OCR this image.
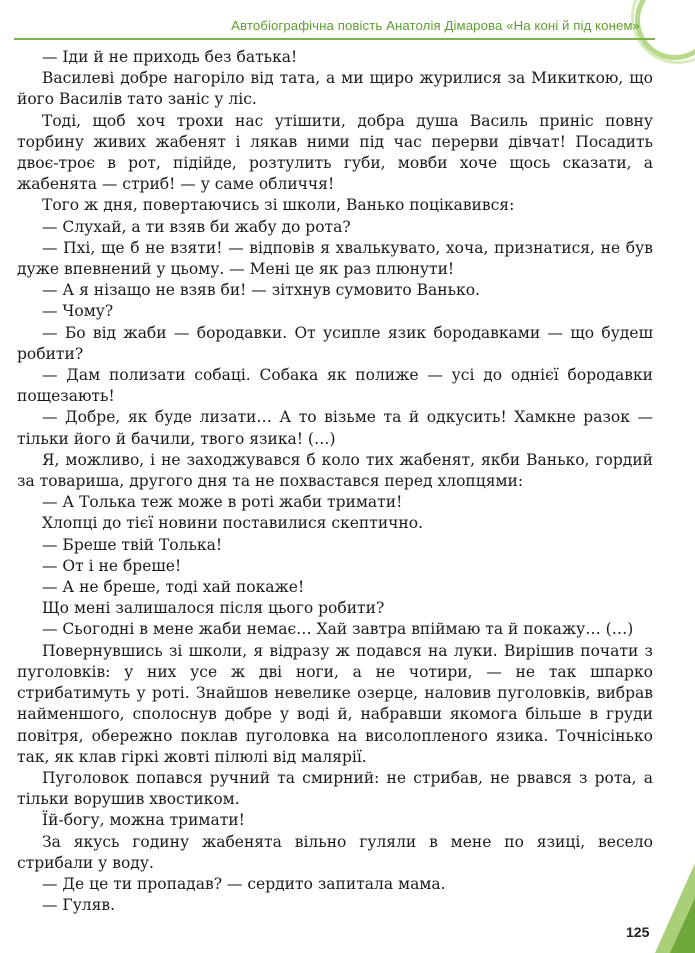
Автобіографічна повість Анатолія Дімарова «На коні й під конем»

— Іди й не приходь без батька!

Василеві добре нагоріло від тата, а ми щиро журилися за Микиткою, що його Василів тато заніс у ліс.

Тоді, щоб хоч трохи нас утішити, добра душа Василь приніс повну торбину живих жабенят і лякав ними під час перерви дівчат! Посадить двоє-троє в рот, підійде, розтулить губи, мовби хоче щось сказати, а жабенята — стриб! — у саме обличчя!

Того ж дня, повертаючись зі школи, Ванько поцікавився:

— Слухай, а ти взяв би жабу до рота?

— Пхі, ще б не взяти! — відповів я хвалькувато, хоча, признатися, не був дуже впевнений у цьому. — Мені це як раз плюнути!

— А я нізащо не взяв би! — зітхнув сумовито Ванько.

— Чому?

— Бо від жаби — бородавки. От усипле язик бородавками — що будеш робити?

— Дам полизати собаці. Собака як полиже — усі до однієї бородавки пощезають!

— Добре, як буде лизати… А то візьме та й одкусить! Хамкне разок — тільки його й бачили, твого язика! (…)

Я, можливо, і не заходжувався б коло тих жабенят, якби Ванько, гордий за товариша, другого дня та не похвастався перед хлопцями:

— А Толька теж може в роті жаби тримати!

Хлопці до тієї новини поставилися скептично.

— Бреше твій Толька!

— От і не бреше!

— А не бреше, тоді хай покаже!

Що мені залишалося після цього робити?

— Сьогодні в мене жаби немає… Хай завтра впіймаю та й покажу… (…)

Повернувшись зі школи, я відразу ж подався на луки. Вирішив почати з пуголовків: у них усе ж дві ноги, а не чотири, — не так шпарко стрибатимуть у роті. Знайшов невелике озерце, наловив пуголовків, вибрав найменшого, сполоснув добре у воді й, набравши якомога більше в груди повітря, обережно поклав пуголовка на висолопленого язика. Точнісінько так, як клав гіркі жовті пілюлі від малярії.

Пуголовок попався ручний та смирний: не стрибав, не рвався з рота, а тільки ворушив хвостиком.

Їй-богу, можна тримати!

За якусь годину жабенята вільно гуляли в мене по язиці, весело стрибали у воду.

— Де це ти пропадав? — сердито запитала мама.

— Гуляв.

125
